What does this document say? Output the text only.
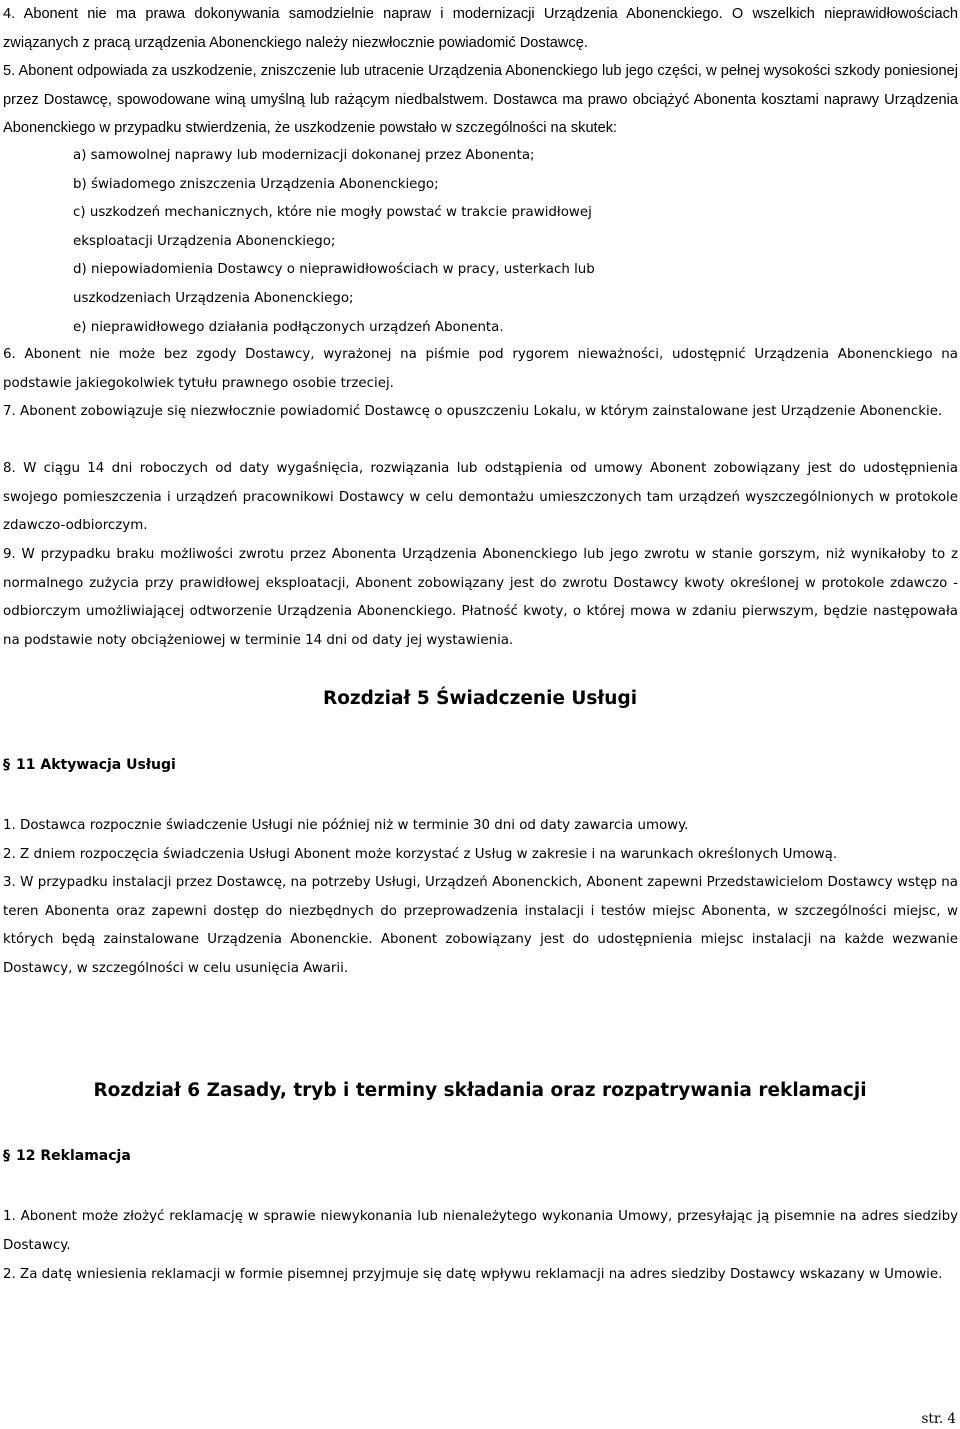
4. Abonent nie ma prawa dokonywania samodzielnie napraw i modernizacji Urządzenia Abonenckiego. O wszelkich nieprawidłowościach związanych z pracą urządzenia Abonenckiego należy niezwłocznie powiadomić Dostawcę.

5. Abonent odpowiada za uszkodzenie, zniszczenie lub utracenie Urządzenia Abonenckiego lub jego części, w pełnej wysokości szkody poniesionej przez Dostawcę, spowodowane winą umyślną lub rażącym niedbalstwem. Dostawca ma prawo obciążyć Abonenta kosztami naprawy Urządzenia Abonenckiego w przypadku stwierdzenia, że uszkodzenie powstało w szczególności na skutek:

a) samowolnej naprawy lub modernizacji dokonanej przez Abonenta;
b) świadomego zniszczenia Urządzenia Abonenckiego;
c) uszkodzeń mechanicznych, które nie mogły powstać w trakcie prawidłowej
eksploatacji Urządzenia Abonenckiego;
d) niepowiadomienia Dostawcy o nieprawidłowościach w pracy, usterkach lub
uszkodzeniach Urządzenia Abonenckiego;
e) nieprawidłowego działania podłączonych urządzeń Abonenta.

6. Abonent nie może bez zgody Dostawcy, wyrażonej na piśmie pod rygorem nieważności, udostępnić Urządzenia Abonenckiego na podstawie jakiegokolwiek tytułu prawnego osobie trzeciej.

7. Abonent zobowiązuje się niezwłocznie powiadomić Dostawcę o opuszczeniu Lokalu, w którym zainstalowane jest Urządzenie Abonenckie.

8. W ciągu 14 dni roboczych od daty wygaśnięcia, rozwiązania lub odstąpienia od umowy Abonent zobowiązany jest do udostępnienia swojego pomieszczenia i urządzeń pracownikowi Dostawcy w celu demontażu umieszczonych tam urządzeń wyszczególnionych w protokole zdawczo-odbiorczym.

9. W przypadku braku możliwości zwrotu przez Abonenta Urządzenia Abonenckiego lub jego zwrotu w stanie gorszym, niż wynikałoby to z normalnego zużycia przy prawidłowej eksploatacji, Abonent zobowiązany jest do zwrotu Dostawcy kwoty określonej w protokole zdawczo - odbiorczym umożliwiającej odtworzenie Urządzenia Abonenckiego. Płatność kwoty, o której mowa w zdaniu pierwszym, będzie następowała na podstawie noty obciążeniowej w terminie 14 dni od daty jej wystawienia.

Rozdział 5 Świadczenie Usługi
§ 11 Aktywacja Usługi

1. Dostawca rozpocznie świadczenie Usługi nie później niż w terminie 30 dni od daty zawarcia umowy.

2. Z dniem rozpoczęcia świadczenia Usługi Abonent może korzystać z Usług w zakresie i na warunkach określonych Umową.

3. W przypadku instalacji przez Dostawcę, na potrzeby Usługi, Urządzeń Abonenckich, Abonent zapewni Przedstawicielom Dostawcy wstęp na teren Abonenta oraz zapewni dostęp do niezbędnych do przeprowadzenia instalacji i testów miejsc Abonenta, w szczególności miejsc, w których będą zainstalowane Urządzenia Abonenckie. Abonent zobowiązany jest do udostępnienia miejsc instalacji na każde wezwanie Dostawcy, w szczególności w celu usunięcia Awarii.

Rozdział 6 Zasady, tryb i terminy składania oraz rozpatrywania reklamacji
§ 12 Reklamacja

1. Abonent może złożyć reklamację w sprawie niewykonania lub nienależytego wykonania Umowy, przesyłając ją pisemnie na adres siedziby Dostawcy.

2. Za datę wniesienia reklamacji w formie pisemnej przyjmuje się datę wpływu reklamacji na adres siedziby Dostawcy wskazany w Umowie.

str. 4
